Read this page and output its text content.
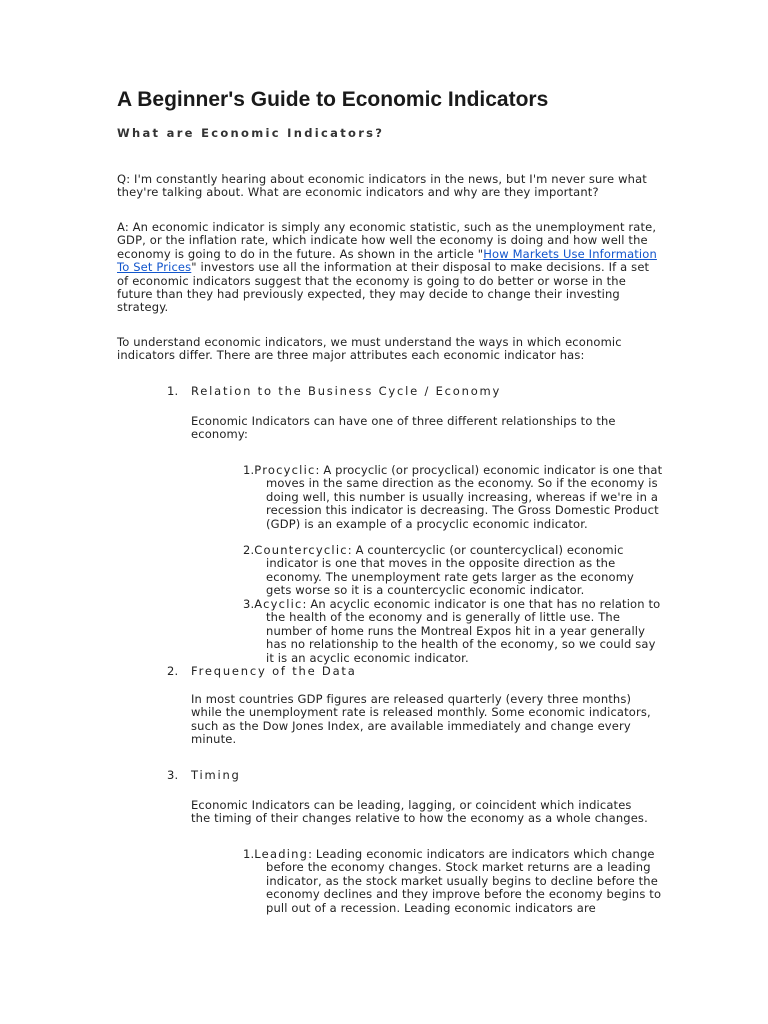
A Beginner's Guide to Economic Indicators
What are Economic Indicators?

Q: I'm constantly hearing about economic indicators in the news, but I'm never sure what they're talking about. What are economic indicators and why are they important?

A: An economic indicator is simply any economic statistic, such as the unemployment rate, GDP, or the inflation rate, which indicate how well the economy is doing and how well the economy is going to do in the future. As shown in the article "How Markets Use Information To Set Prices" investors use all the information at their disposal to make decisions. If a set of economic indicators suggest that the economy is going to do better or worse in the future than they had previously expected, they may decide to change their investing strategy.

To understand economic indicators, we must understand the ways in which economic indicators differ. There are three major attributes each economic indicator has:

1.	Relation to the Business Cycle / Economy

Economic Indicators can have one of three different relationships to the economy:

1. Procyclic: A procyclic (or procyclical) economic indicator is one that moves in the same direction as the economy. So if the economy is doing well, this number is usually increasing, whereas if we're in a recession this indicator is decreasing. The Gross Domestic Product (GDP) is an example of a procyclic economic indicator.

2. Countercyclic: A countercyclic (or countercyclical) economic indicator is one that moves in the opposite direction as the economy. The unemployment rate gets larger as the economy gets worse so it is a countercyclic economic indicator.

3. Acyclic: An acyclic economic indicator is one that has no relation to the health of the economy and is generally of little use. The number of home runs the Montreal Expos hit in a year generally has no relationship to the health of the economy, so we could say it is an acyclic economic indicator.

2.	Frequency of the Data

In most countries GDP figures are released quarterly (every three months) while the unemployment rate is released monthly. Some economic indicators, such as the Dow Jones Index, are available immediately and change every minute.

3.	Timing

Economic Indicators can be leading, lagging, or coincident which indicates the timing of their changes relative to how the economy as a whole changes.

1. Leading: Leading economic indicators are indicators which change before the economy changes. Stock market returns are a leading indicator, as the stock market usually begins to decline before the economy declines and they improve before the economy begins to pull out of a recession. Leading economic indicators are
